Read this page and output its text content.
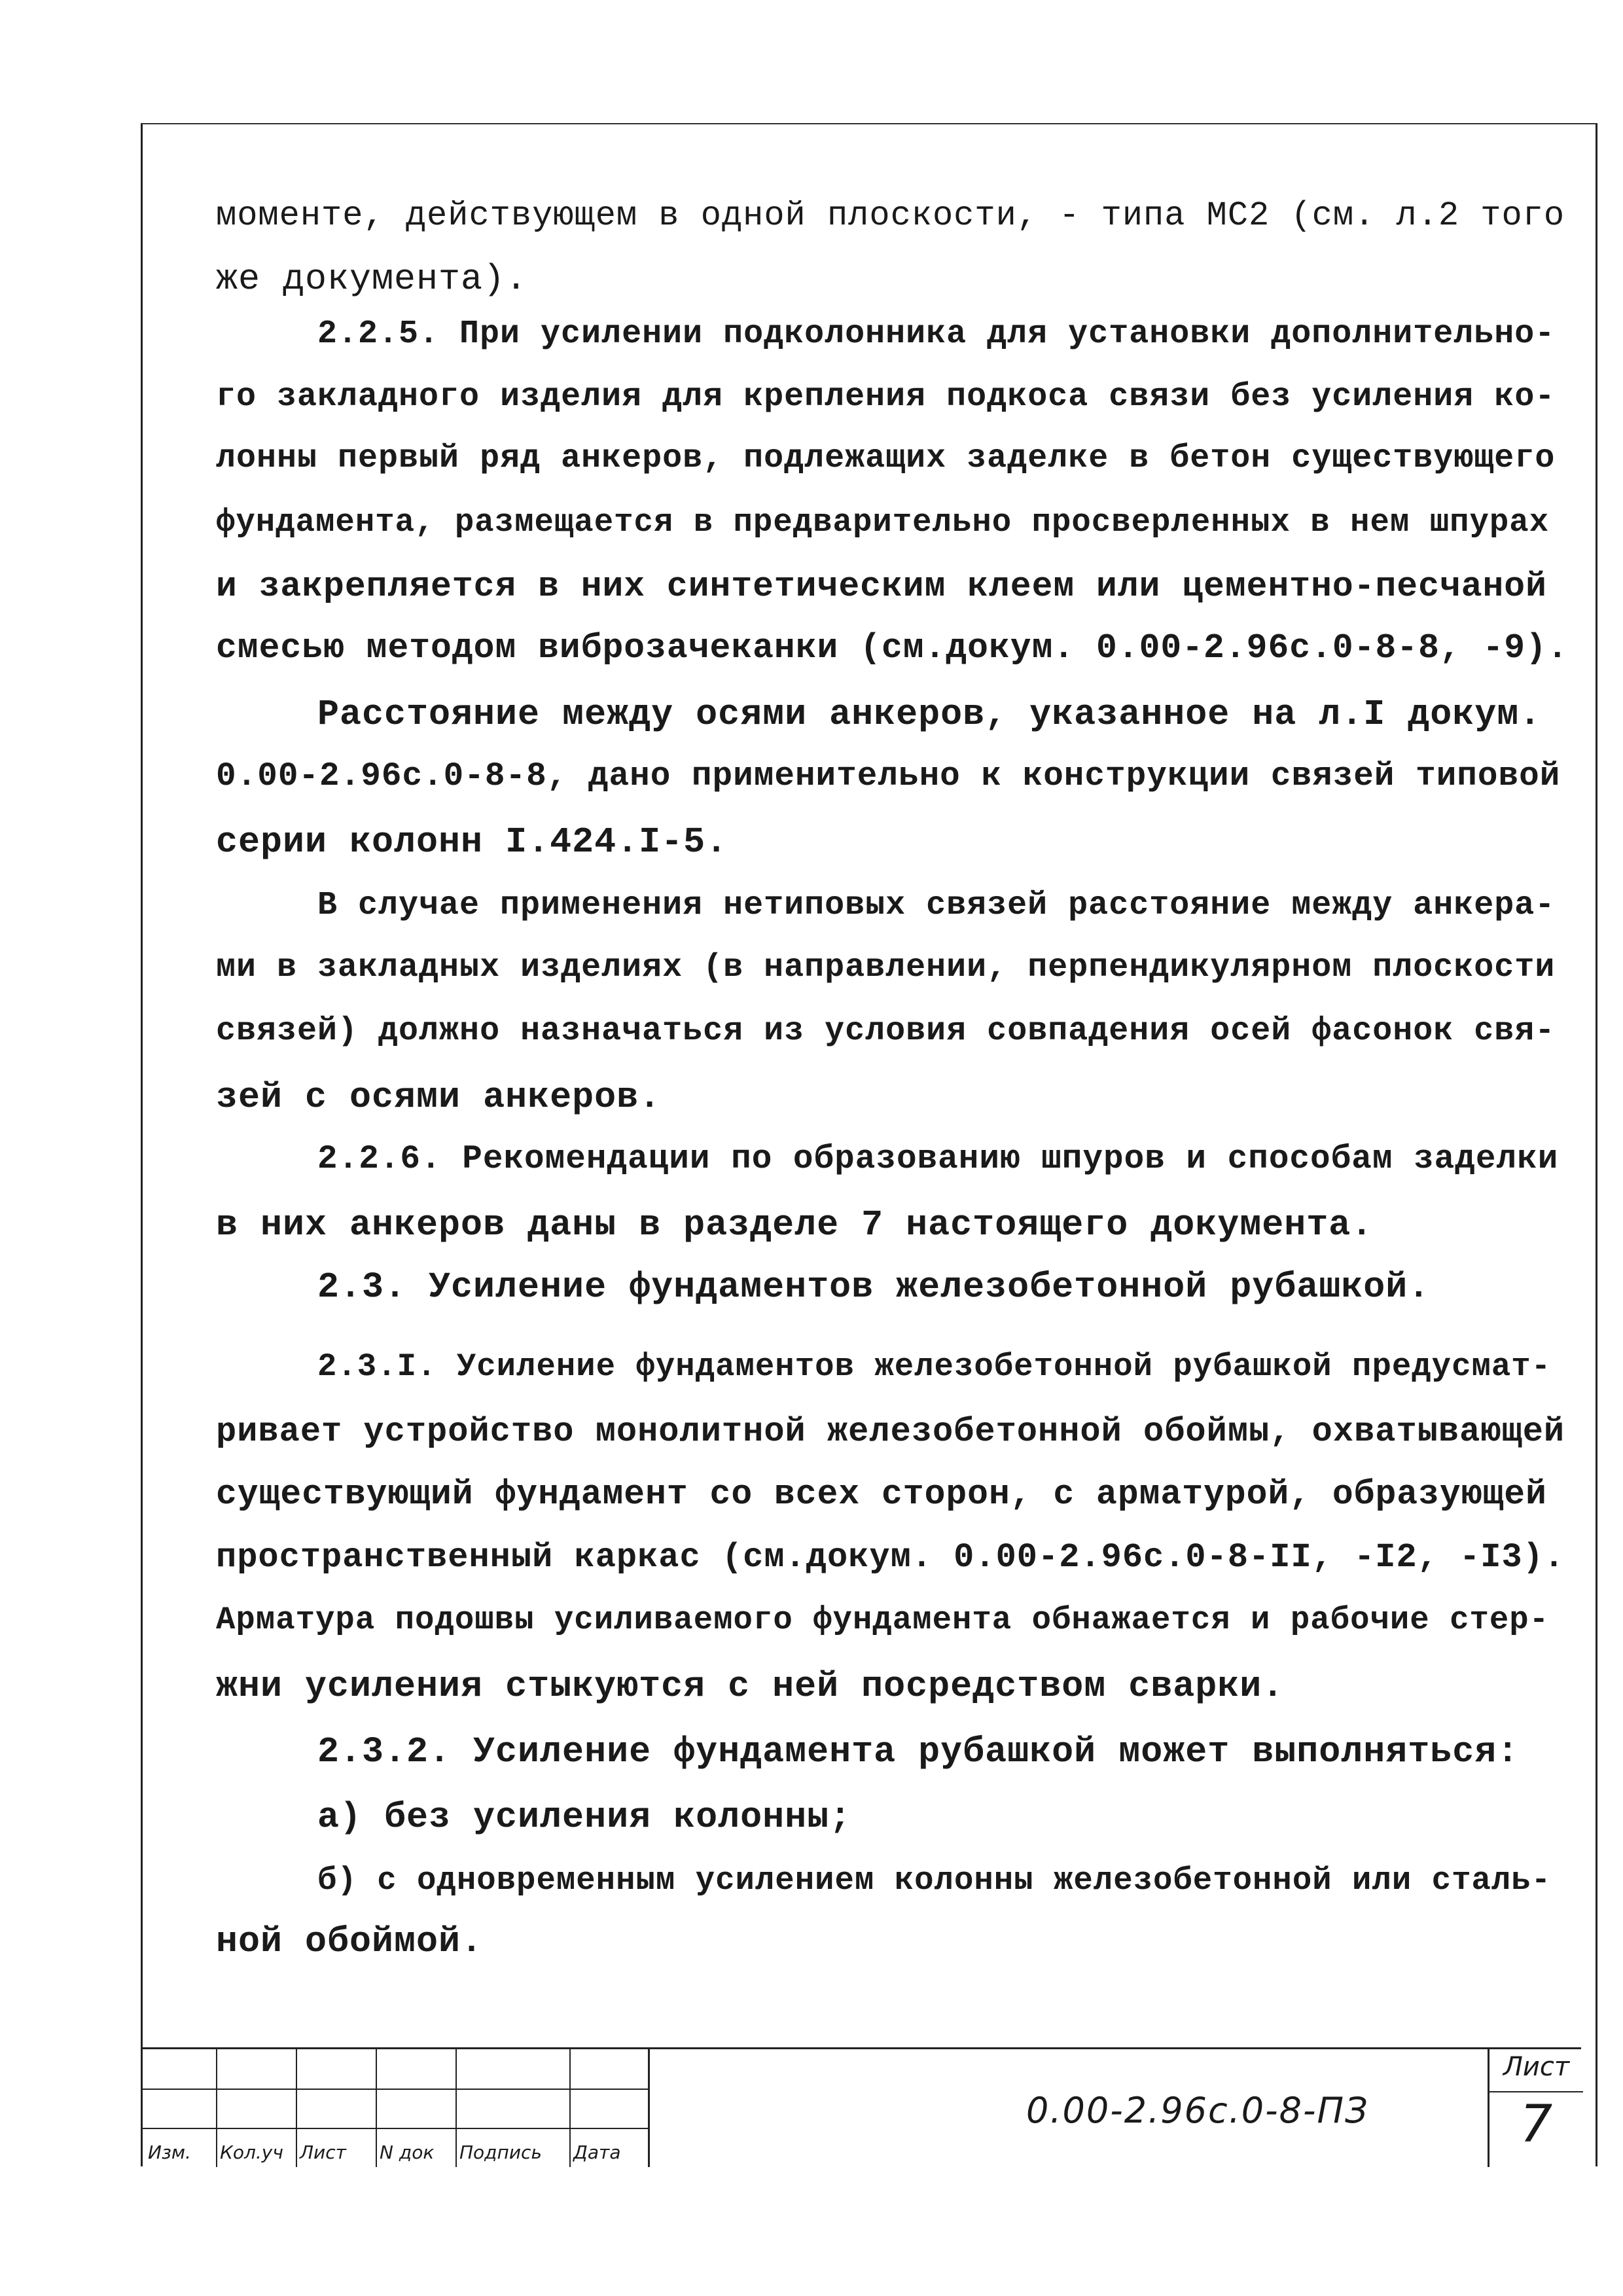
моменте, действующем в одной плоскости, - типа МС2 (см. л.2 того
же документа).
2.2.5. При усилении подколонника для установки дополнительно-
го закладного изделия для крепления подкоса связи без усиления ко-
лонны первый ряд анкеров, подлежащих заделке в бетон существующего
фундамента, размещается в предварительно просверленных в нем шпурах
и закрепляется в них синтетическим клеем или цементно-песчаной
смесью методом виброзачеканки (см.докум. 0.00-2.96с.0-8-8, -9).
Расстояние между осями анкеров, указанное на л.I докум.
0.00-2.96с.0-8-8, дано применительно к конструкции связей типовой
серии колонн I.424.I-5.
В случае применения нетиповых связей расстояние между анкера-
ми в закладных изделиях (в направлении, перпендикулярном плоскости
связей) должно назначаться из условия совпадения осей фасонок свя-
зей с осями анкеров.
2.2.6. Рекомендации по образованию шпуров и способам заделки
в них анкеров даны в разделе 7 настоящего документа.
2.3. Усиление фундаментов железобетонной рубашкой.
2.3.I. Усиление фундаментов железобетонной рубашкой предусмат-
ривает устройство монолитной железобетонной обоймы, охватывающей
существующий фундамент со всех сторон, с арматурой, образующей
пространственный каркас (см.докум. 0.00-2.96с.0-8-II, -I2, -I3).
Арматура подошвы усиливаемого фундамента обнажается и рабочие стер-
жни усиления стыкуются с ней посредством сварки.
2.3.2. Усиление фундамента рубашкой может выполняться:
а) без усиления колонны;
б) с одновременным усилением колонны железобетонной или сталь-
ной обоймой.
Изм. Кол.уч Лист N док Подпись Дата
0.00-2.96с.0-8-ПЗ
Лист
7
